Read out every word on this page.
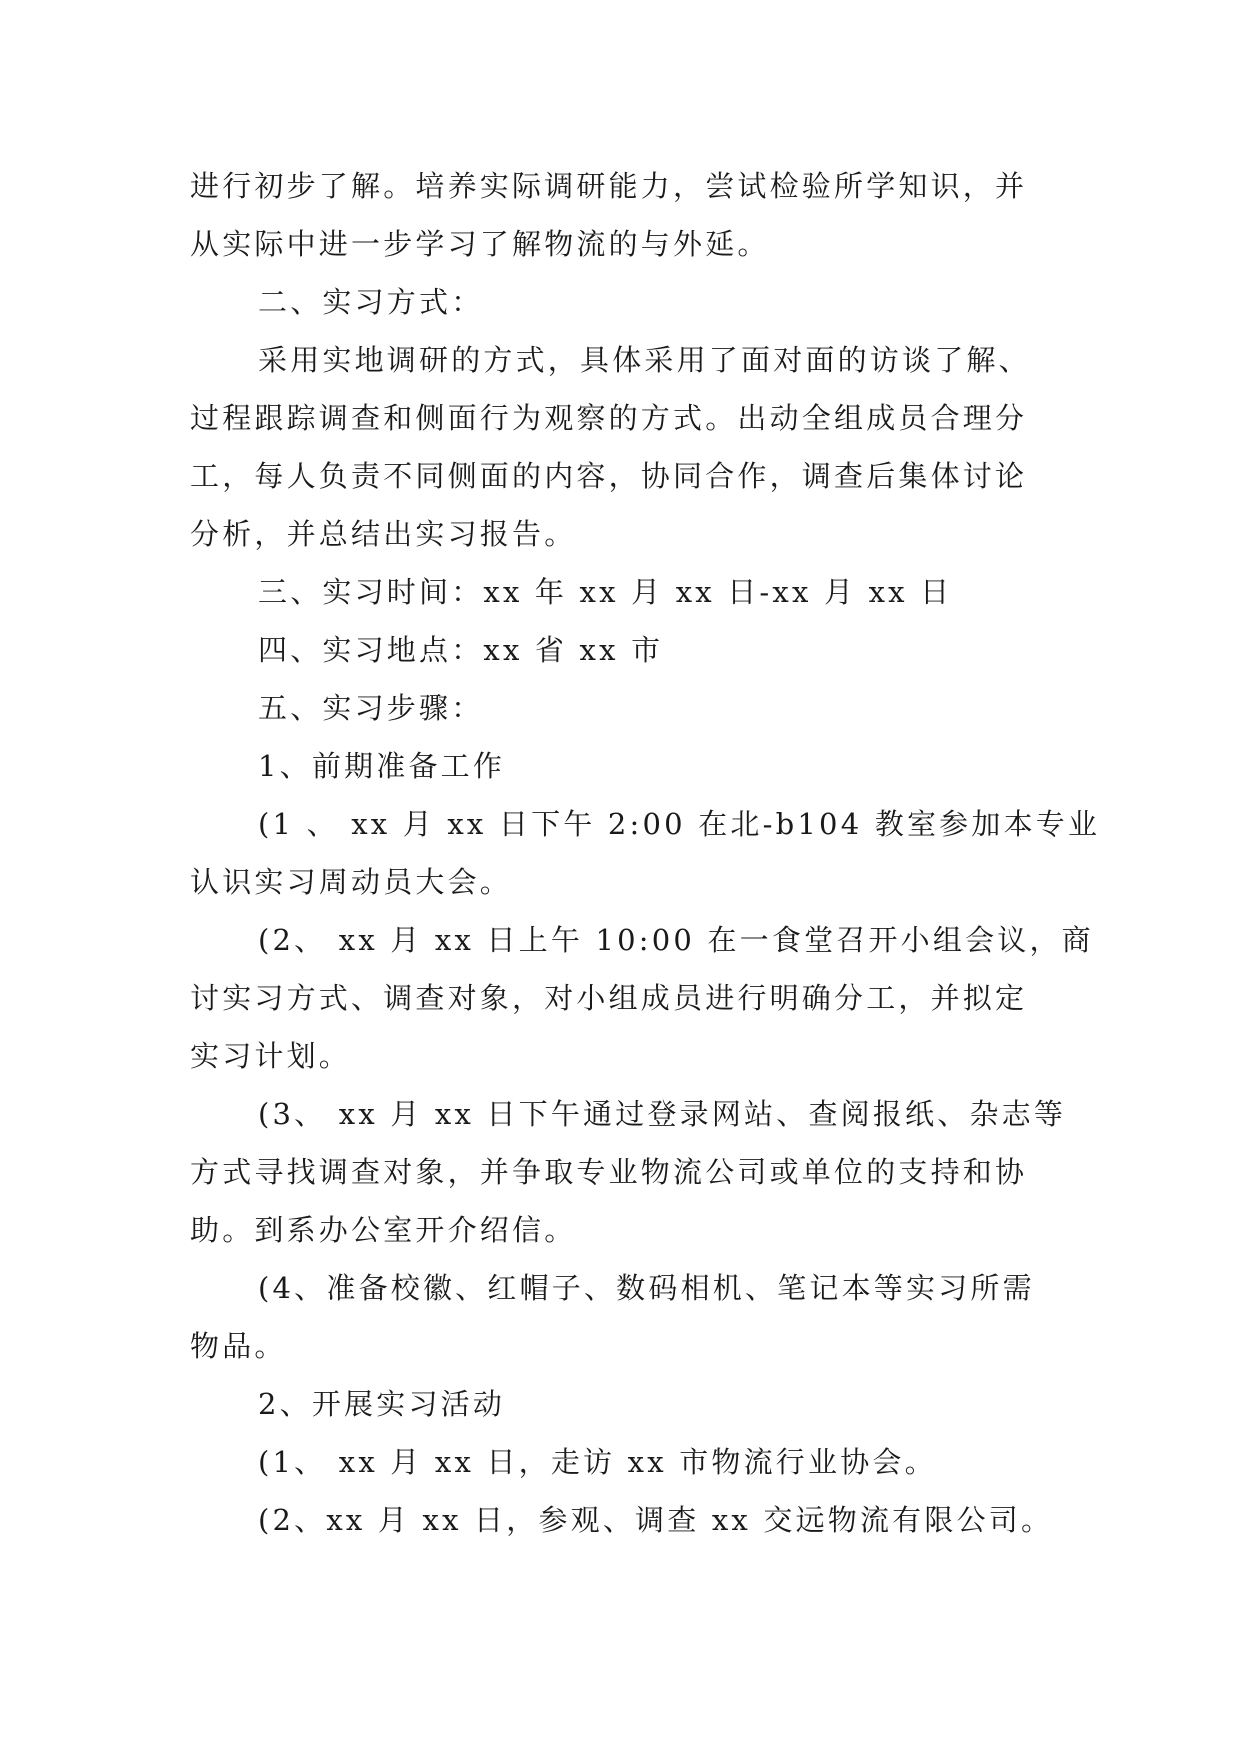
进行初步了解。培养实际调研能力，尝试检验所学知识，并
从实际中进一步学习了解物流的与外延。
二、实习方式：
采用实地调研的方式，具体采用了面对面的访谈了解、
过程跟踪调查和侧面行为观察的方式。出动全组成员合理分
工，每人负责不同侧面的内容，协同合作，调查后集体讨论
分析，并总结出实习报告。
三、实习时间：xx 年 xx 月 xx 日-xx 月 xx 日
四、实习地点：xx 省 xx 市
五、实习步骤：
1、前期准备工作
(1 、 xx 月 xx 日下午 2:00 在北-b104 教室参加本专业
认识实习周动员大会。
(2、 xx 月 xx 日上午 10:00 在一食堂召开小组会议，商
讨实习方式、调查对象，对小组成员进行明确分工，并拟定
实习计划。
(3、 xx 月 xx 日下午通过登录网站、查阅报纸、杂志等
方式寻找调查对象，并争取专业物流公司或单位的支持和协
助。到系办公室开介绍信。
(4、准备校徽、红帽子、数码相机、笔记本等实习所需
物品。
2、开展实习活动
(1、 xx 月 xx 日，走访 xx 市物流行业协会。
(2、xx 月 xx 日，参观、调查 xx 交远物流有限公司。
